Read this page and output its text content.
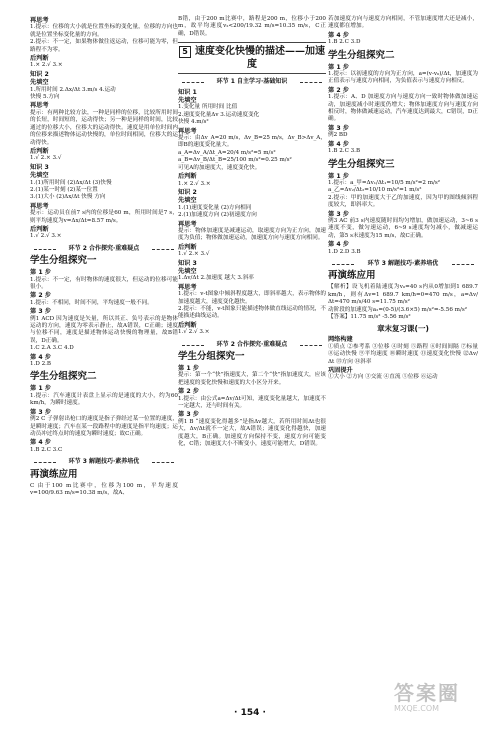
再思考

1.提示：位移的大小就是位置坐标的变化量，位移的方向也就是位置坐标变化量的方向。

2.提示：不一定，如果物体做往返运动，位移可能为零，但路程不为零。

后判断

1.× 2.√ 3.×

知识 2
先填空

1.所用时间 2.Δx/Δt 3.m/s 4.运动

快慢 5.方向

再思考

提示：有两种比较方法，一种是同样的位移，比较所用时间的长短，时间短的，运动得快；另一种是同样的时间，比较通过的位移大小，位移大的运动得快。速度是用单位时间内的位移来描述物体运动快慢的，单位时间相同，位移大的运动得快。

后判断

1.√ 2.× 3.√

知识 3
先填空

1.(1)所用时间 (2)Δx/Δt (3)快慢

2.(1)某一时刻 (2)某一位置

3.(1)大小 (2)Δx/Δt 快慢 方向

再思考

提示：运动员在前7 s内的位移是60 m，所用时间是7 s，则平均速度为v=Δx/Δt=8.57 m/s。

后判断

1.√ 2.√ 3.×

环节 2 合作探究·重难疑点
学生分组探究一
第 1 步

1.提示：不一定，有时物体的速度很大，但运动的位移可能很小。

第 2 步

1.提示：不相同，时间不同，平均速度一般不同。

第 3 步

例1 ACD 因为速度是矢量，所以其正、负号表示的是物体运动的方向，速度为零表示静止，故A错误，C正确；速度与位移不同，速度是描述物体运动快慢的物理量，故B错误，D正确。

1.C 2.A 3.C 4.D

第 4 步

1.D 2.B

学生分组探究二
第 1 步

1.提示：汽车速度计表盘上显示的是速度的大小，约为60 km/h，为瞬时速度。

第 3 步

例2 C 子弹射出枪口的速度是指子弹经过某一位置的速度，是瞬时速度；汽车在某一段路程中的速度是指平均速度；运动员冲过终点时的速度为瞬时速度；故C正确。

第 4 步

1.B 2.C 3.C

环节 3 解题技巧·素养培优
再演练应用

C 由于100 m比赛中，位移为100 m，平均速度v=100/9.63 m/s=10.38 m/s，故A、

B错，由于200 m比赛中，路程是200 m，位移小于200 m，故平均速度v₂<200/19.32 m/s=10.35 m/s，C正确，D错误。

5 速度变化快慢的描述——加速度
环节 1 自主学习·基础知识
知识 1
先填空

1.变化量 所用时间 比值

2.速度变化量Δv 3.运动速度变化

快慢 4.m/s²

再思考

提示：由Δv_A=20 m/s，Δv_B=25 m/s，Δv_B>Δv_A，即B的速度变化量大。

a_A=Δv_A/Δt_A=20/4 m/s²=5 m/s²

a_B=Δv_B/Δt_B=25/100 m/s²=0.25 m/s²

可见A的加速度大，速度变化快。

后判断

1.× 2.√ 3.×

知识 2
先填空

1.(1)速度变化量 (2)方向相同

2.(1)加速度方向 (2)初速度方向

再思考

提示：物体加速度是减速运动，取速度方向为正方向，加速度为负值；物体做加速运动，加速度方向与速度方向相同。

后判断

1.√ 2.× 3.√

知识 3
先填空

1.Δv/Δt 2.加速度 越大 3.斜率

再思考

1.提示：v-t图象中倾斜程度越大，即斜率越大，表示物体的加速度越大，速度变化越快。

2.提示：不能，v-t图象只能描述物体做直线运动的情况，不能描述曲线运动。

后判断

1.√ 2.√ 3.×

环节 2 合作探究·重难疑点
学生分组探究一
第 1 步

提示：第一个“快”指速度大，第二个“快”指加速度大，应该把速度的变化快慢和速度的大小区分开来。

第 2 步

1.提示：由公式a=Δv/Δt可知，速度变化量越大，加速度不一定越大，还与时间有关。

第 3 步

例1 B “速度变化得越多”是指Δv越大，若所用时间Δt也很大，Δv/Δt就不一定大，故A错误；速度变化得越快，加速度越大，B正确。加速度方向保持不变，速度方向可能变化，C错；加速度大小不断变小，速度可能增大，D错误。

若加速度方向与速度方向相同，不管加速度增大还是减小，速度都在增加。

第 4 步

1.B 2.C 3.D

学生分组探究二
第 1 步

1.提示：以初速度的方向为正方向，a=(v-v₀)/Δt，加速度为正值表示与速度方向相同，为负值表示与速度方向相反。

第 2 步

1.提示：A、D 加速度方向与速度方向一致时物体做加速运动，加速度减小时速度仍增大；物体加速度方向与速度方向相反时，物体做减速运动，汽车速度达到最大，C错误，D正确。

第 3 步

例2 BD

第 4 步

1.B 2.C 3.B

学生分组探究三
第 1 步

1.提示：a_甲=Δv₁/Δt₁=10/5 m/s²=2 m/s²

a_乙=Δv₂/Δt₂=10/10 m/s²=1 m/s²

2.提示：甲的加速度大于乙的加速度，因为甲的图线倾斜程度较大，即斜率大。

第 3 步

例3 AC 前3 s内速度随时间均匀增加，做加速运动，3~6 s速度不变，做匀速运动，6~9 s速度均匀减小，做减速运动，第5 s末速度为15 m/s，故C正确。

第 4 步

1.D 2.D 3.B

环节 3 解题技巧·素养培优
再演练应用

【解析】设飞机着陆速度为v₀=40 s内从0增加到1 689.7 km/h，则有Δv=1 689.7 km/h=0=470 m/s，a=Δv/Δt=470 m/s/40 s=11.75 m/s²

动阶段的加速度为a₂=(0-5)/(3.6×5) m/s²=-5.56 m/s²

【答案】11.75 m/s² -5.56 m/s²

章末复习课(一)
网络构建

①质点 ②参考系 ③位移 ④时刻 ⑤路程 ⑥时间间隔 ⑦标量 ⑧运动快慢 ⑨平均速度 ⑩瞬时速度 ⑪速度变化快慢 ⑫Δv/Δt ⑬方向 ⑭斜率

巩固提升

①大小 ②方向 ③交流 ④直流 ⑤位移 ⑥运动

· 154 ·
答案圈
MXQE.COM
